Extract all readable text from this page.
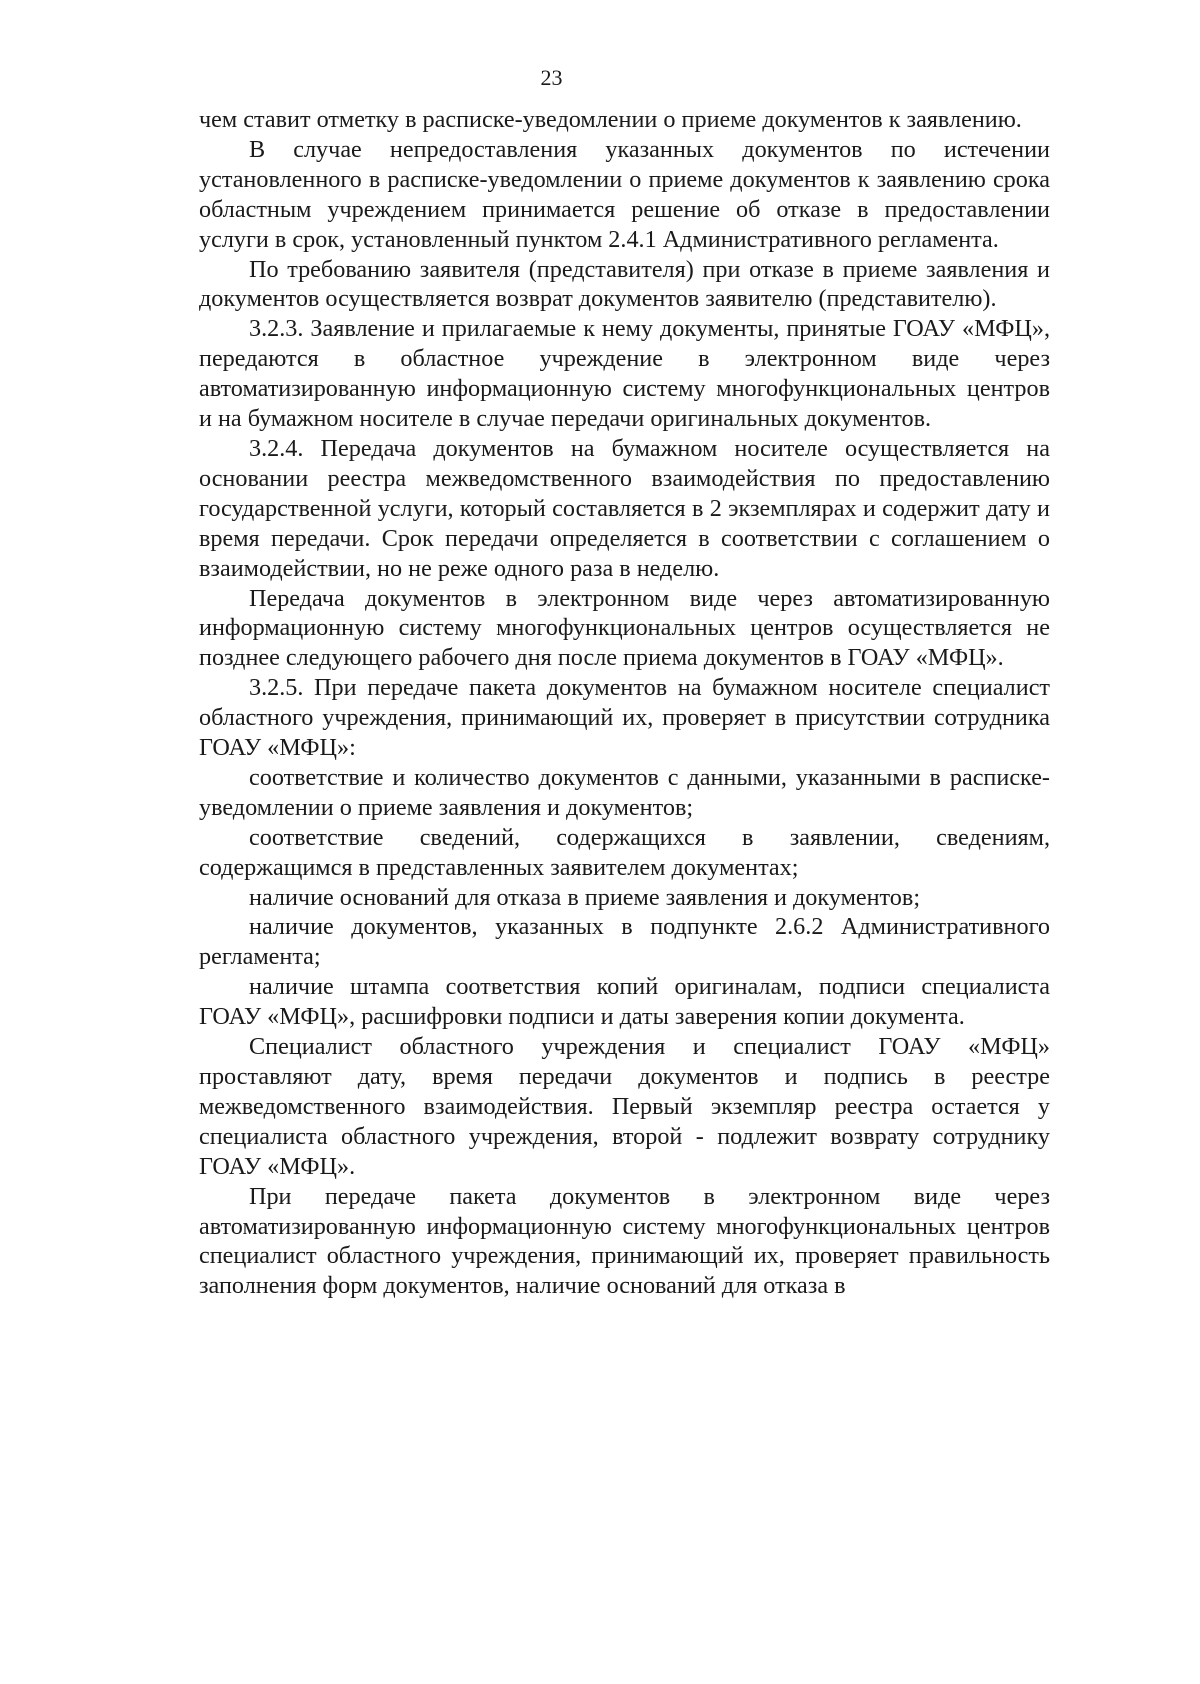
23

чем ставит отметку в расписке-уведомлении о приеме документов к заявлению.

В случае непредоставления указанных документов по истечении установленного в расписке-уведомлении о приеме документов к заявлению срока областным учреждением принимается решение об отказе в предоставлении услуги в срок, установленный пунктом 2.4.1 Административного регламента.

По требованию заявителя (представителя) при отказе в приеме заявления и документов осуществляется возврат документов заявителю (представителю).

3.2.3. Заявление и прилагаемые к нему документы, принятые ГОАУ «МФЦ», передаются в областное учреждение в электронном виде через автоматизированную информационную систему многофункциональных центров и на бумажном носителе в случае передачи оригинальных документов.

3.2.4. Передача документов на бумажном носителе осуществляется на основании реестра межведомственного взаимодействия по предоставлению государственной услуги, который составляется в 2 экземплярах и содержит дату и время передачи. Срок передачи определяется в соответствии с соглашением о взаимодействии, но не реже одного раза в неделю.

Передача документов в электронном виде через автоматизированную информационную систему многофункциональных центров осуществляется не позднее следующего рабочего дня после приема документов в ГОАУ «МФЦ».

3.2.5. При передаче пакета документов на бумажном носителе специалист областного учреждения, принимающий их, проверяет в присутствии сотрудника ГОАУ «МФЦ»:

соответствие и количество документов с данными, указанными в расписке-уведомлении о приеме заявления и документов;

соответствие сведений, содержащихся в заявлении, сведениям, содержащимся в представленных заявителем документах;

наличие оснований для отказа в приеме заявления и документов;

наличие документов, указанных в подпункте 2.6.2 Административного регламента;

наличие штампа соответствия копий оригиналам, подписи специалиста ГОАУ «МФЦ», расшифровки подписи и даты заверения копии документа.

Специалист областного учреждения и специалист ГОАУ «МФЦ» проставляют дату, время передачи документов и подпись в реестре межведомственного взаимодействия. Первый экземпляр реестра остается у специалиста областного учреждения, второй - подлежит возврату сотруднику ГОАУ «МФЦ».

При передаче пакета документов в электронном виде через автоматизированную информационную систему многофункциональных центров специалист областного учреждения, принимающий их, проверяет правильность заполнения форм документов, наличие оснований для отказа в
